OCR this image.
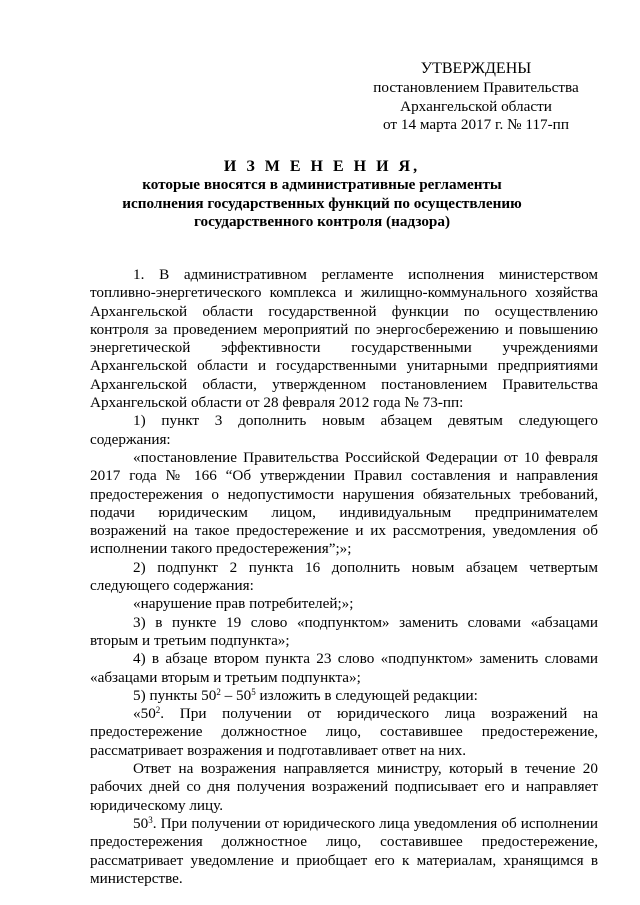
УТВЕРЖДЕНЫ
постановлением Правительства
Архангельской области
от 14 марта 2017 г. № 117-пп
И З М Е Н Е Н И Я,
которые вносятся в административные регламенты
исполнения государственных функций по осуществлению
государственного контроля (надзора)

1. В административном регламенте исполнения министерством топливно-энергетического комплекса и жилищно-коммунального хозяйства Архангельской области государственной функции по осуществлению контроля за проведением мероприятий по энергосбережению и повышению энергетической эффективности государственными учреждениями Архангельской области и государственными унитарными предприятиями Архангельской области, утвержденном постановлением Правительства Архангельской области от 28 февраля 2012 года № 73-пп:

1) пункт 3 дополнить новым абзацем девятым следующего содержания:

«постановление Правительства Российской Федерации от 10 февраля 2017 года № 166 “Об утверждении Правил составления и направления предостережения о недопустимости нарушения обязательных требований, подачи юридическим лицом, индивидуальным предпринимателем возражений на такое предостережение и их рассмотрения, уведомления об исполнении такого предостережения”;»;

2) подпункт 2 пункта 16 дополнить новым абзацем четвертым следующего содержания:

«нарушение прав потребителей;»;

3) в пункте 19 слово «подпунктом» заменить словами «абзацами вторым и третьим подпункта»;

4) в абзаце втором пункта 23 слово «подпунктом» заменить словами «абзацами вторым и третьим подпункта»;

5) пункты $50^2 - 50^5$ изложить в следующей редакции:

«$50^2$. При получении от юридического лица возражений на предостережение должностное лицо, составившее предостережение, рассматривает возражения и подготавливает ответ на них.

Ответ на возражения направляется министру, который в течение 20 рабочих дней со дня получения возражений подписывает его и направляет юридическому лицу.

$50^3$. При получении от юридического лица уведомления об исполнении предостережения должностное лицо, составившее предостережение, рассматривает уведомление и приобщает его к материалам, хранящимся в министерстве.
